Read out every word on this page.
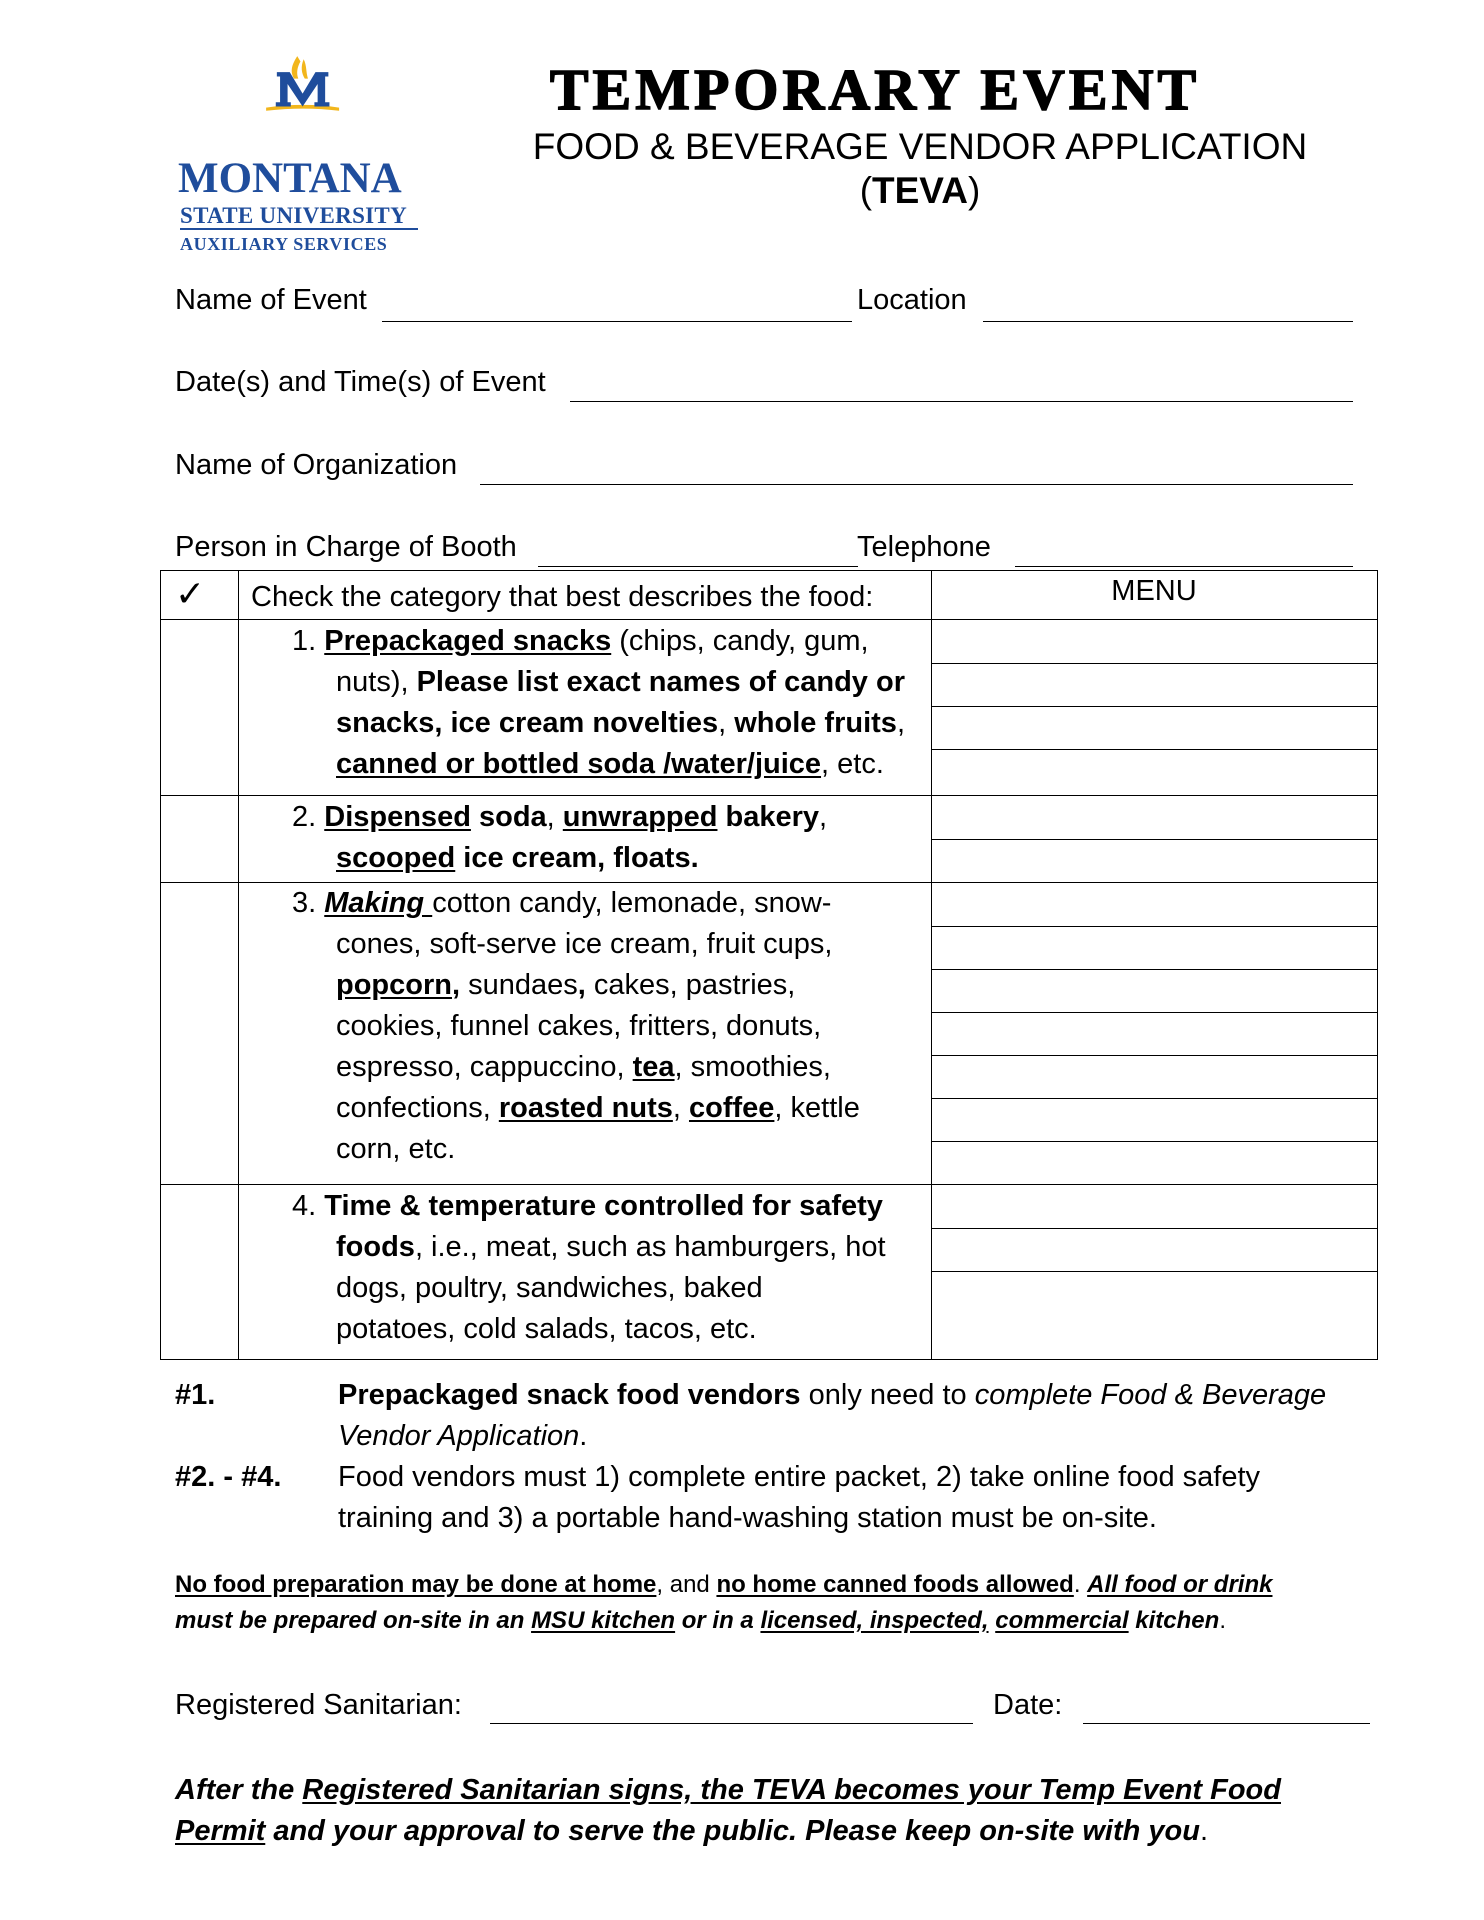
MONTANA
STATE UNIVERSITY
AUXILIARY SERVICES
TEMPORARY EVENT
FOOD & BEVERAGE VENDOR APPLICATION (TEVA)
Name of Event	Location
Date(s) and Time(s) of Event
Name of Organization
Person in Charge of Booth	Telephone
✓ Check the category that best describes the food:	MENU
1. Prepackaged snacks (chips, candy, gum,

nuts), Please list exact names of candy or
snacks, ice cream novelties, whole fruits,
canned or bottled soda /water/juice, etc.
2. Dispensed soda, unwrapped bakery,

scooped ice cream, floats.
3. Making cotton candy, lemonade, snow-

cones, soft-serve ice cream, fruit cups,
popcorn, sundaes, cakes, pastries,
cookies, funnel cakes, fritters, donuts,
espresso, cappuccino, tea, smoothies,
confections, roasted nuts, coffee, kettle
corn, etc.
4. Time & temperature controlled for safety

foods, i.e., meat, such as hamburgers, hot
dogs, poultry, sandwiches, baked
potatoes, cold salads, tacos, etc.
#1.	Prepackaged snack food vendors only need to complete Food & Beverage
Vendor Application.
#2. - #4. Food vendors must 1) complete entire packet, 2) take online food safety
training and 3) a portable hand-washing station must be on-site.
No food preparation may be done at home, and no home canned foods allowed. All food or drink
must be prepared on-site in an MSU kitchen or in a licensed, inspected, commercial kitchen.
Registered Sanitarian:	Date:
After the Registered Sanitarian signs, the TEVA becomes your Temp Event Food
Permit and your approval to serve the public. Please keep on-site with you.
